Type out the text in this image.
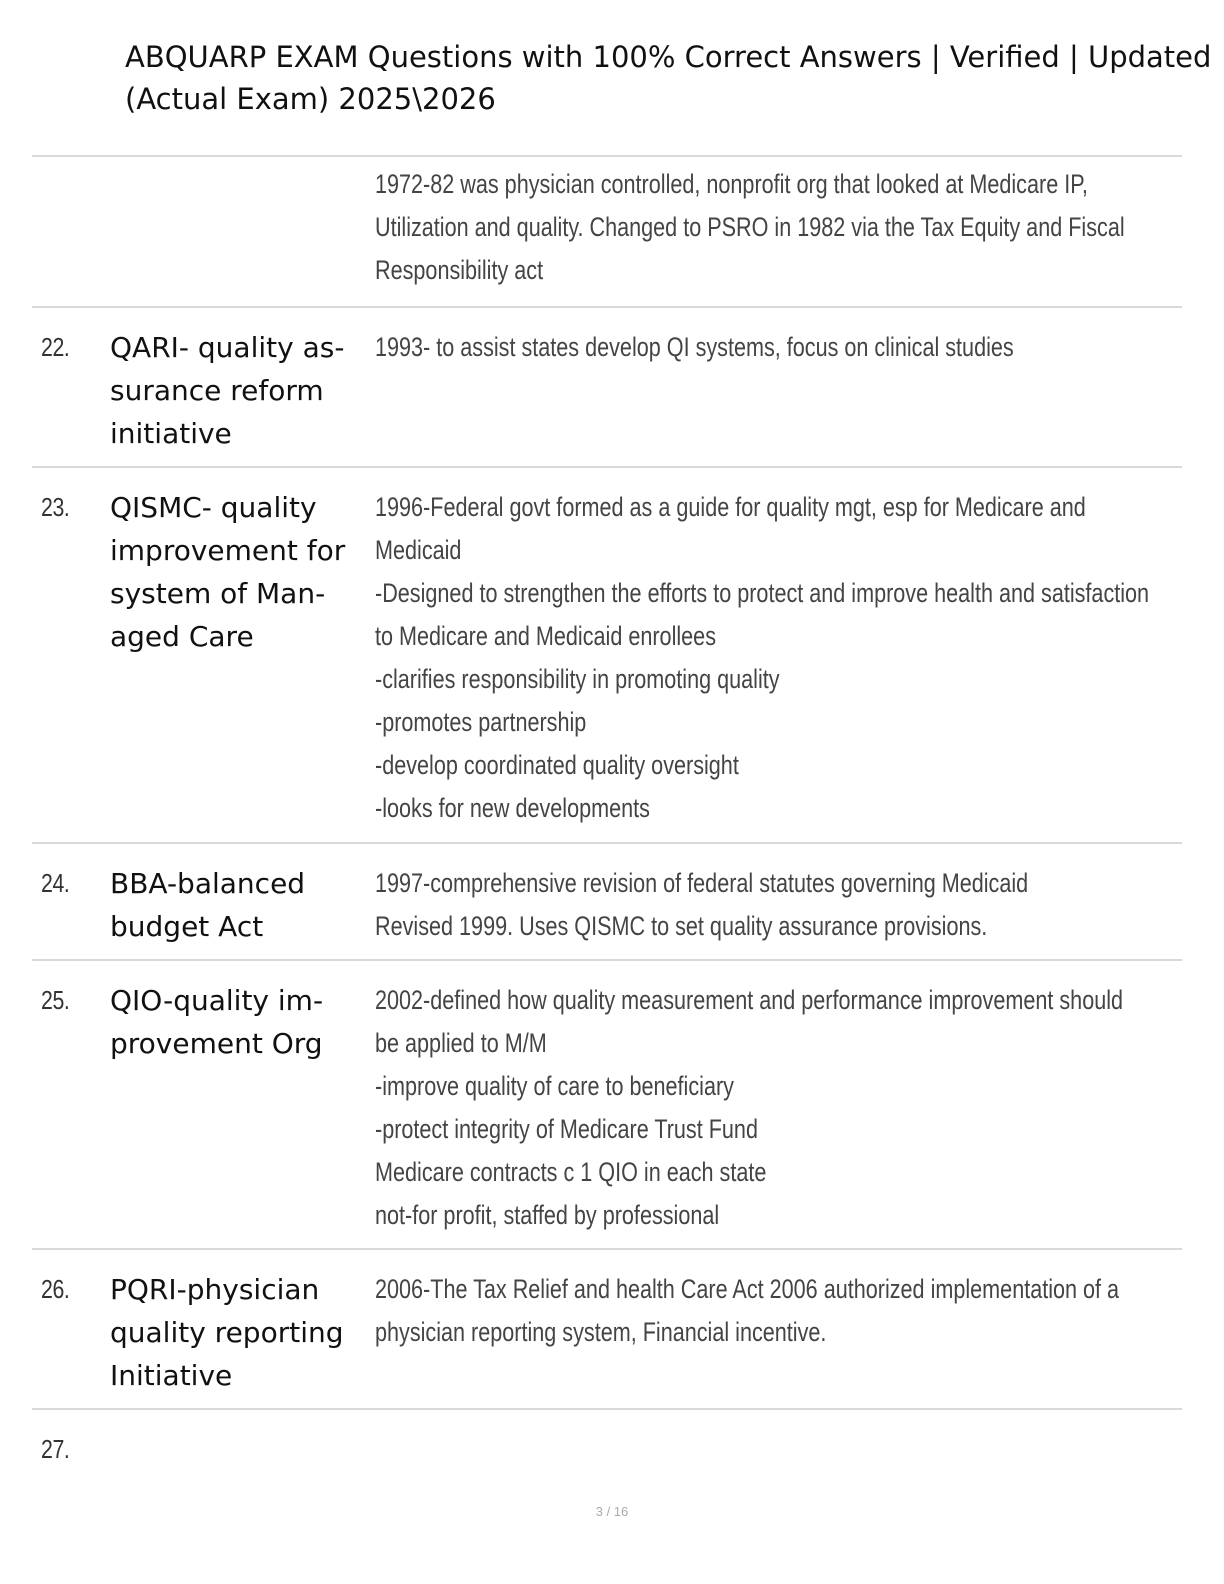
ABQUARP EXAM Questions with 100% Correct Answers | Verified | Updated
(Actual Exam) 2025\2026
1972-82 was physician controlled, nonprofit org that looked at Medicare IP,
Utilization and quality. Changed to PSRO in 1982 via the Tax Equity and Fiscal
Responsibility act
22. QARI- quality as-
surance reform
initiative
1993- to assist states develop QI systems, focus on clinical studies
23. QISMC- quality
improvement for
system of Man-
aged Care
1996-Federal govt formed as a guide for quality mgt, esp for Medicare and
Medicaid
-Designed to strengthen the efforts to protect and improve health and satisfaction
to Medicare and Medicaid enrollees
-clarifies responsibility in promoting quality
-promotes partnership
-develop coordinated quality oversight
-looks for new developments
24. BBA-balanced
budget Act
1997-comprehensive revision of federal statutes governing Medicaid
Revised 1999. Uses QISMC to set quality assurance provisions.
25. QIO-quality im-
provement Org
2002-defined how quality measurement and performance improvement should
be applied to M/M
-improve quality of care to beneficiary
-protect integrity of Medicare Trust Fund
Medicare contracts c 1 QIO in each state
not-for profit, staffed by professional
26. PQRI-physician
quality reporting
Initiative
2006-The Tax Relief and health Care Act 2006 authorized implementation of a
physician reporting system, Financial incentive.
27.
3 / 16
